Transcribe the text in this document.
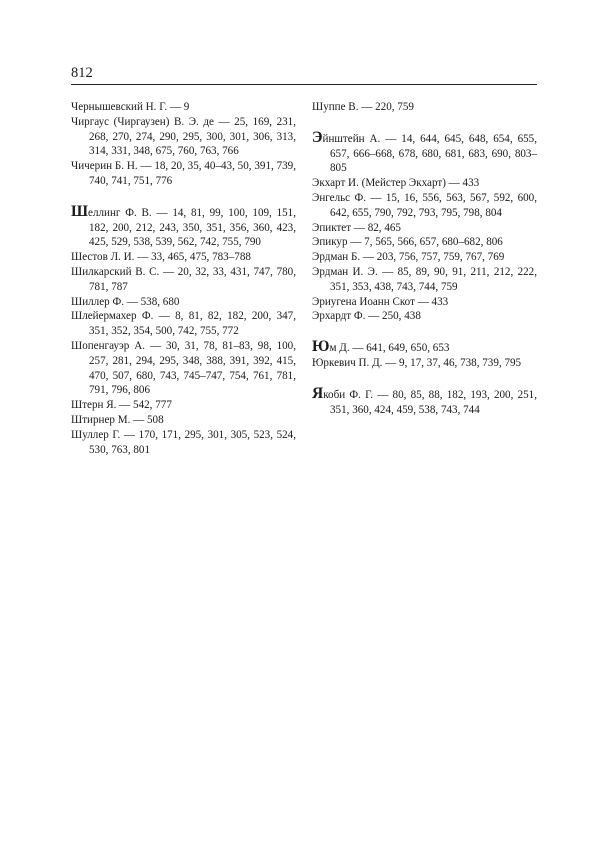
812
Чернышевский Н. Г. — 9
Чиргаус (Чиргаузен) В. Э. де — 25, 169, 231, 268, 270, 274, 290, 295, 300, 301, 306, 313, 314, 331, 348, 675, 760, 763, 766
Чичерин Б. Н. — 18, 20, 35, 40–43, 50, 391, 739, 740, 741, 751, 776
Шеллинг Ф. В. — 14, 81, 99, 100, 109, 151, 182, 200, 212, 243, 350, 351, 356, 360, 423, 425, 529, 538, 539, 562, 742, 755, 790
Шестов Л. И. — 33, 465, 475, 783–788
Шилкарский В. С. — 20, 32, 33, 431, 747, 780, 781, 787
Шиллер Ф. — 538, 680
Шлейермахер Ф. — 8, 81, 82, 182, 200, 347, 351, 352, 354, 500, 742, 755, 772
Шопенгауэр А. — 30, 31, 78, 81–83, 98, 100, 257, 281, 294, 295, 348, 388, 391, 392, 415, 470, 507, 680, 743, 745–747, 754, 761, 781, 791, 796, 806
Штерн Я. — 542, 777
Штирнер М. — 508
Шуллер Г. — 170, 171, 295, 301, 305, 523, 524, 530, 763, 801
Шуппе В. — 220, 759
Эйнштейн А. — 14, 644, 645, 648, 654, 655, 657, 666–668, 678, 680, 681, 683, 690, 803–805
Экхарт И. (Мейстер Экхарт) — 433
Энгельс Ф. — 15, 16, 556, 563, 567, 592, 600, 642, 655, 790, 792, 793, 795, 798, 804
Эпиктет — 82, 465
Эпикур — 7, 565, 566, 657, 680–682, 806
Эрдман Б. — 203, 756, 757, 759, 767, 769
Эрдман И. Э. — 85, 89, 90, 91, 211, 212, 222, 351, 353, 438, 743, 744, 759
Эриугена Иоанн Скот — 433
Эрхардт Ф. — 250, 438
Юм Д. — 641, 649, 650, 653
Юркевич П. Д. — 9, 17, 37, 46, 738, 739, 795
Якоби Ф. Г. — 80, 85, 88, 182, 193, 200, 251, 351, 360, 424, 459, 538, 743, 744
